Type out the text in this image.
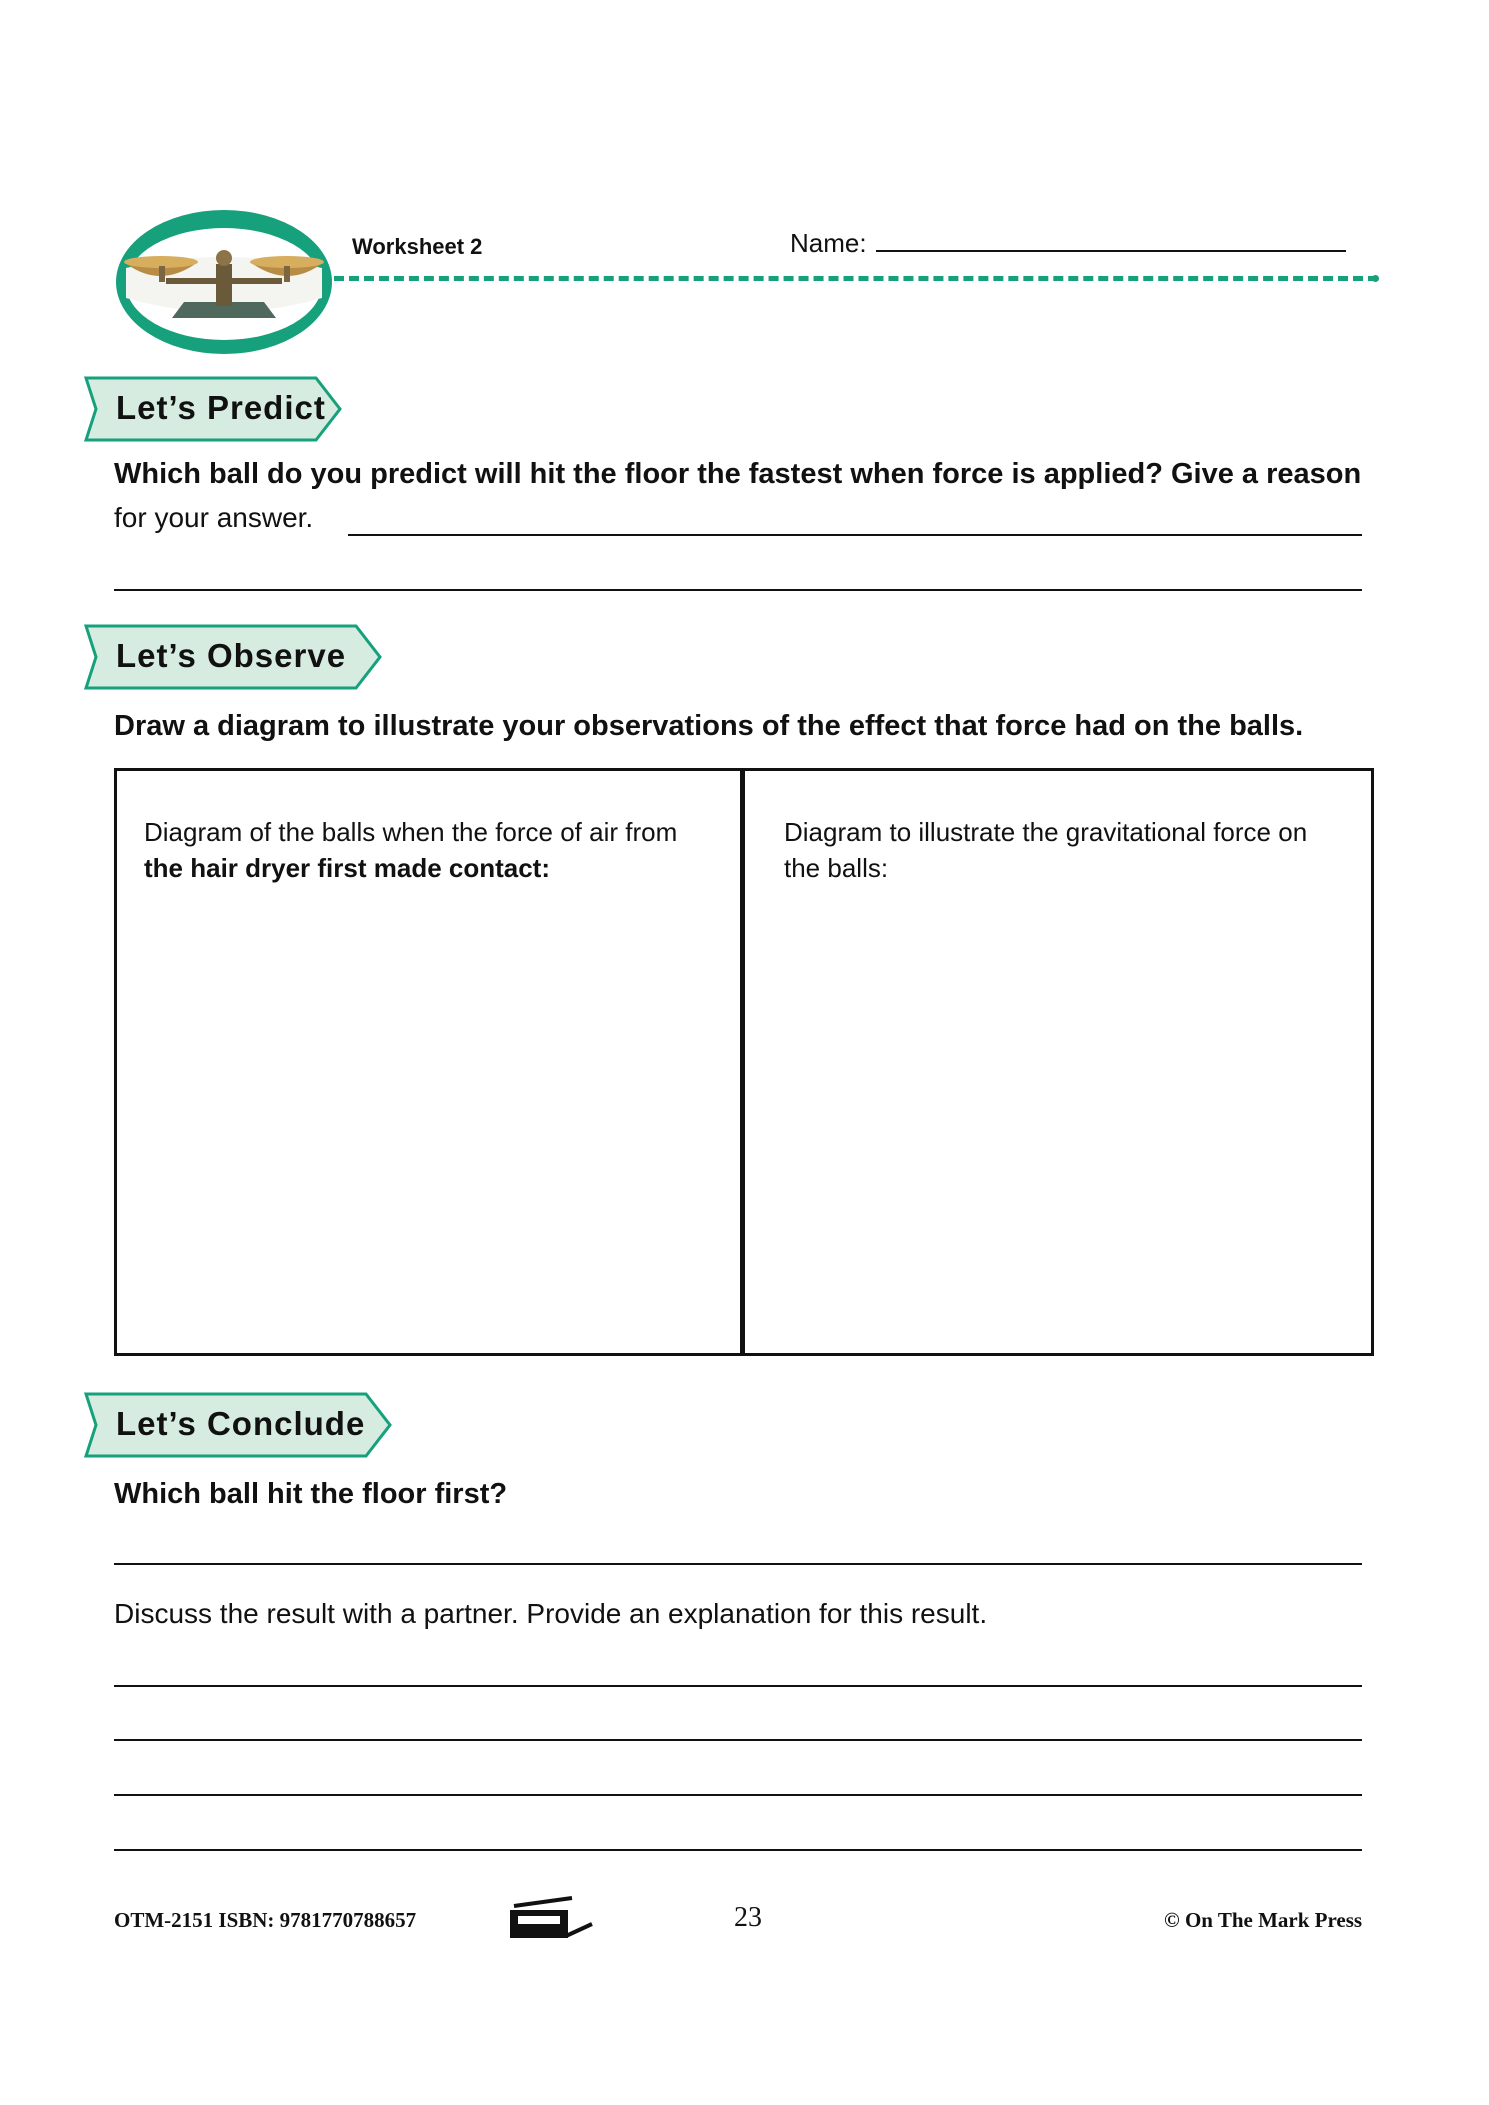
Worksheet 2	Name:
Let’s Predict
Which ball do you predict will hit the floor the fastest when force is applied? Give a reason
for your answer.
Let’s Observe
Draw a diagram to illustrate your observations of the effect that force had on the balls.
Diagram of the balls when the force of air from
the hair dryer first made contact:
Diagram to illustrate the gravitational force on
the balls:
Let’s Conclude
Which ball hit the floor first?
Discuss the result with a partner. Provide an explanation for this result.
OTM-2151 ISBN: 9781770788657	23	© On The Mark Press
